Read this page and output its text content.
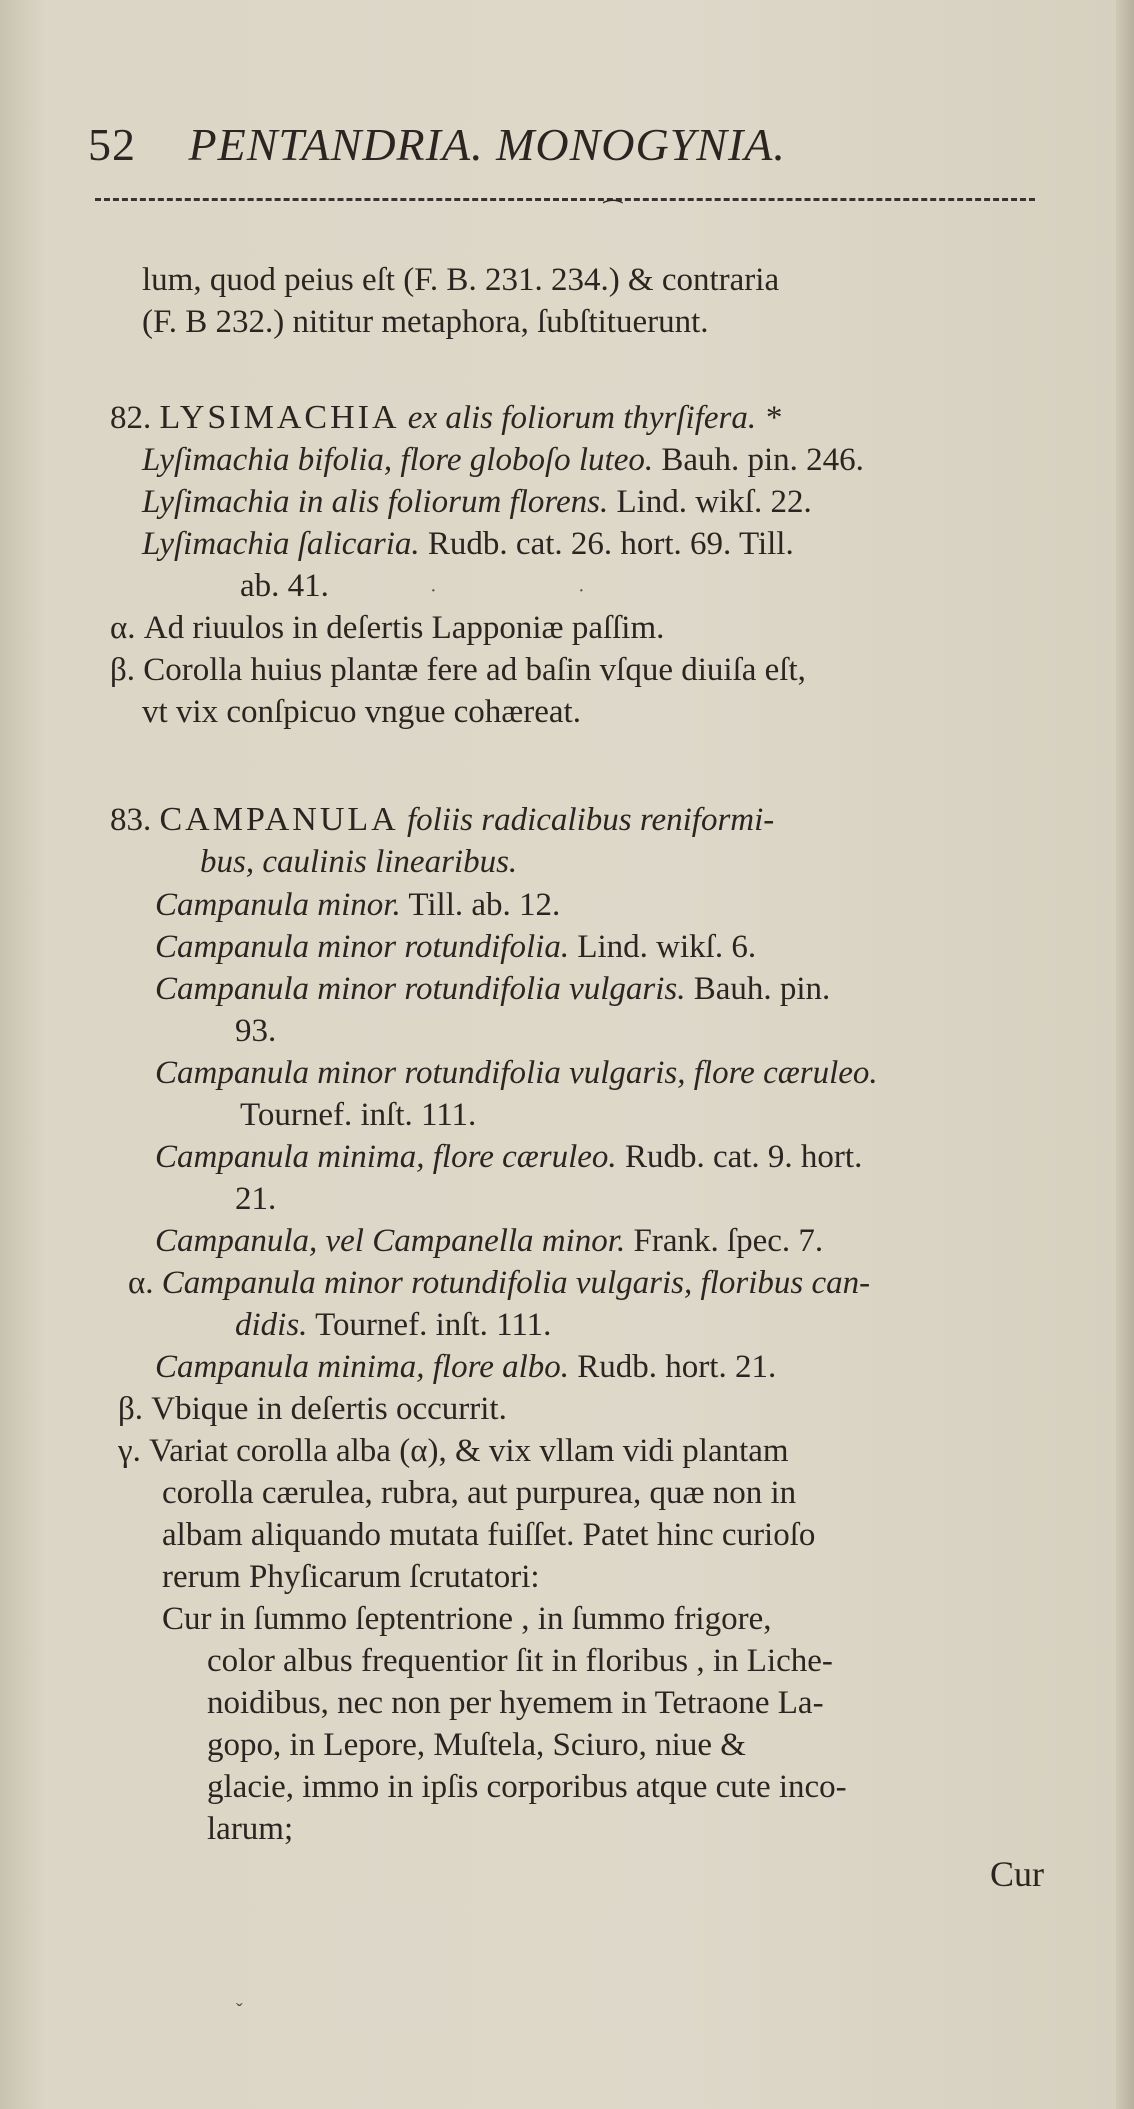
52 PENTANDRIA. MONOGYNIA.
⁀
lum, quod peius eſt (F. B. 231. 234.) & contraria
(F. B 232.) nititur metaphora, ſubſtituerunt.
82. LYSIMACHIA ex alis foliorum thyrſifera. *
Lyſimachia bifolia, flore globoſo luteo. Bauh. pin. 246.
Lyſimachia in alis foliorum florens. Lind. wikſ. 22.
Lyſimachia ſalicaria. Rudb. cat. 26. hort. 69. Till.
ab. 41.
α. Ad riuulos in deſertis Lapponiæ paſſim.
β. Corolla huius plantæ fere ad baſin vſque diuiſa eſt,
vt vix conſpicuo vngue cohæreat.
83. CAMPANULA foliis radicalibus reniformi-
bus, caulinis linearibus.
Campanula minor. Till. ab. 12.
Campanula minor rotundifolia. Lind. wikſ. 6.
Campanula minor rotundifolia vulgaris. Bauh. pin.
93.
Campanula minor rotundifolia vulgaris, flore cæruleo.
Tournef. inſt. 111.
Campanula minima, flore cæruleo. Rudb. cat. 9. hort.
21.
Campanula, vel Campanella minor. Frank. ſpec. 7.
α. Campanula minor rotundifolia vulgaris, floribus can-
didis. Tournef. inſt. 111.
Campanula minima, flore albo. Rudb. hort. 21.
β. Vbique in deſertis occurrit.
γ. Variat corolla alba (α), & vix vllam vidi plantam
corolla cærulea, rubra, aut purpurea, quæ non in
albam aliquando mutata fuiſſet. Patet hinc curioſo
rerum Phyſicarum ſcrutatori:
Cur in ſummo ſeptentrione , in ſummo frigore,
color albus frequentior ſit in floribus , in Liche-
noidibus, nec non per hyemem in Tetraone La-
gopo, in Lepore, Muſtela, Sciuro, niue &
glacie, immo in ipſis corporibus atque cute inco-
larum;
Cur
·	·
ˇ
